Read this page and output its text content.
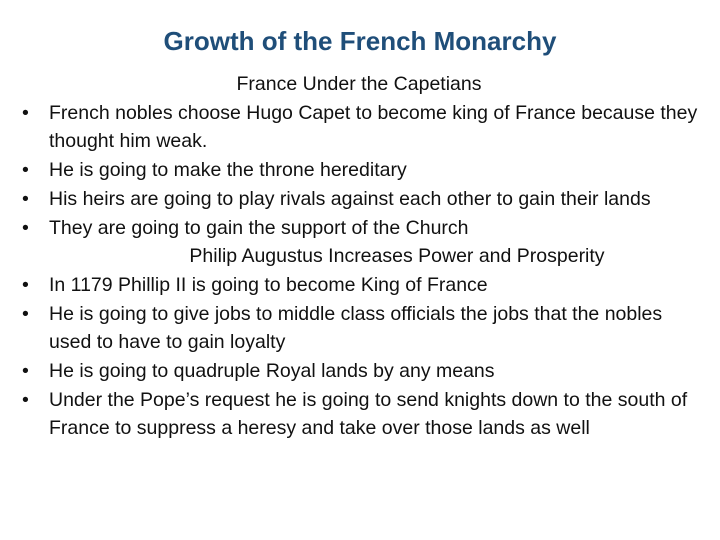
Growth of the French Monarchy
France Under the Capetians
•	French nobles choose Hugo Capet to become king of France because they thought him weak.
•	He is going to make the throne hereditary
•	His heirs are going to play rivals against each other to gain their lands
•	They are going to gain the support of the Church
Philip Augustus Increases Power and Prosperity
•	In 1179 Phillip II is going to become King of France
•	He is going to give jobs to middle class officials the jobs that the nobles used to have to gain loyalty
•	He is going to quadruple Royal lands by any means
•	Under the Pope’s request he is going to send knights down to the south of France to suppress a heresy and take over those lands as well
